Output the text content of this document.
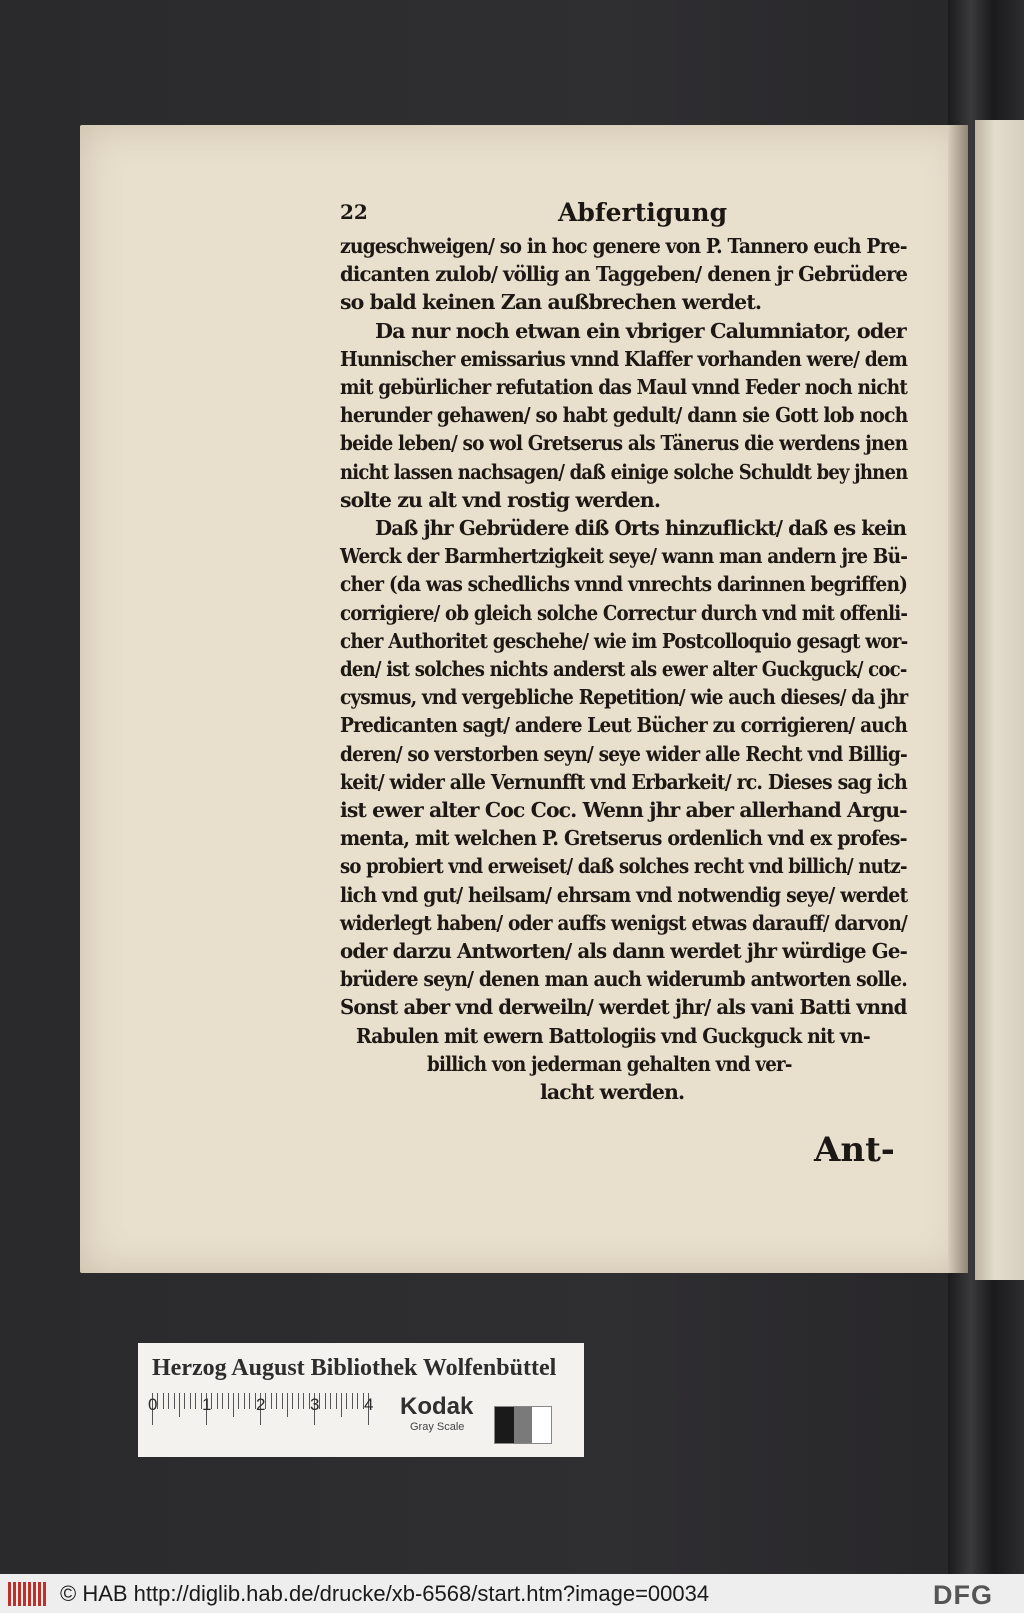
22	Abfertigung
zugeschweigen/ so in hoc genere von P. Tannero euch Pre-
dicanten zulob/ völlig an Taggeben/ denen jr Gebrüdere
so bald keinen Zan außbrechen werdet.
Da nur noch etwan ein vbriger Calumniator, oder
Hunnischer emissarius vnnd Klaffer vorhanden were/ dem
mit gebürlicher refutation das Maul vnnd Feder noch nicht
herunder gehawen/ so habt gedult/ dann sie Gott lob noch
beide leben/ so wol Gretserus als Tänerus die werdens jnen
nicht lassen nachsagen/ daß einige solche Schuldt bey jhnen
solte zu alt vnd rostig werden.
Daß jhr Gebrüdere diß Orts hinzuflickt/ daß es kein
Werck der Barmhertzigkeit seye/ wann man andern jre Bü-
cher (da was schedlichs vnnd vnrechts darinnen begriffen)
corrigiere/ ob gleich solche Correctur durch vnd mit offenli-
cher Authoritet geschehe/ wie im Postcolloquio gesagt wor-
den/ ist solches nichts anderst als ewer alter Guckguck/ coc-
cysmus, vnd vergebliche Repetition/ wie auch dieses/ da jhr
Predicanten sagt/ andere Leut Bücher zu corrigieren/ auch
deren/ so verstorben seyn/ seye wider alle Recht vnd Billig-
keit/ wider alle Vernunfft vnd Erbarkeit/ rc. Dieses sag ich
ist ewer alter Coc Coc. Wenn jhr aber allerhand Argu-
menta, mit welchen P. Gretserus ordenlich vnd ex profes-
so probiert vnd erweiset/ daß solches recht vnd billich/ nutz-
lich vnd gut/ heilsam/ ehrsam vnd notwendig seye/ werdet
widerlegt haben/ oder auffs wenigst etwas darauff/ darvon/
oder darzu Antworten/ als dann werdet jhr würdige Ge-
brüdere seyn/ denen man auch widerumb antworten solle.
Sonst aber vnd derweiln/ werdet jhr/ als vani Batti vnnd
Rabulen mit ewern Battologiis vnd Guckguck nit vn-
billich von jederman gehalten vnd ver-
lacht werden.
Ant-
Herzog August Bibliothek Wolfenbüttel
0	1	2	3	4 Kodak
Gray Scale
© HAB http://diglib.hab.de/drucke/xb-6568/start.htm?image=00034	DFG
